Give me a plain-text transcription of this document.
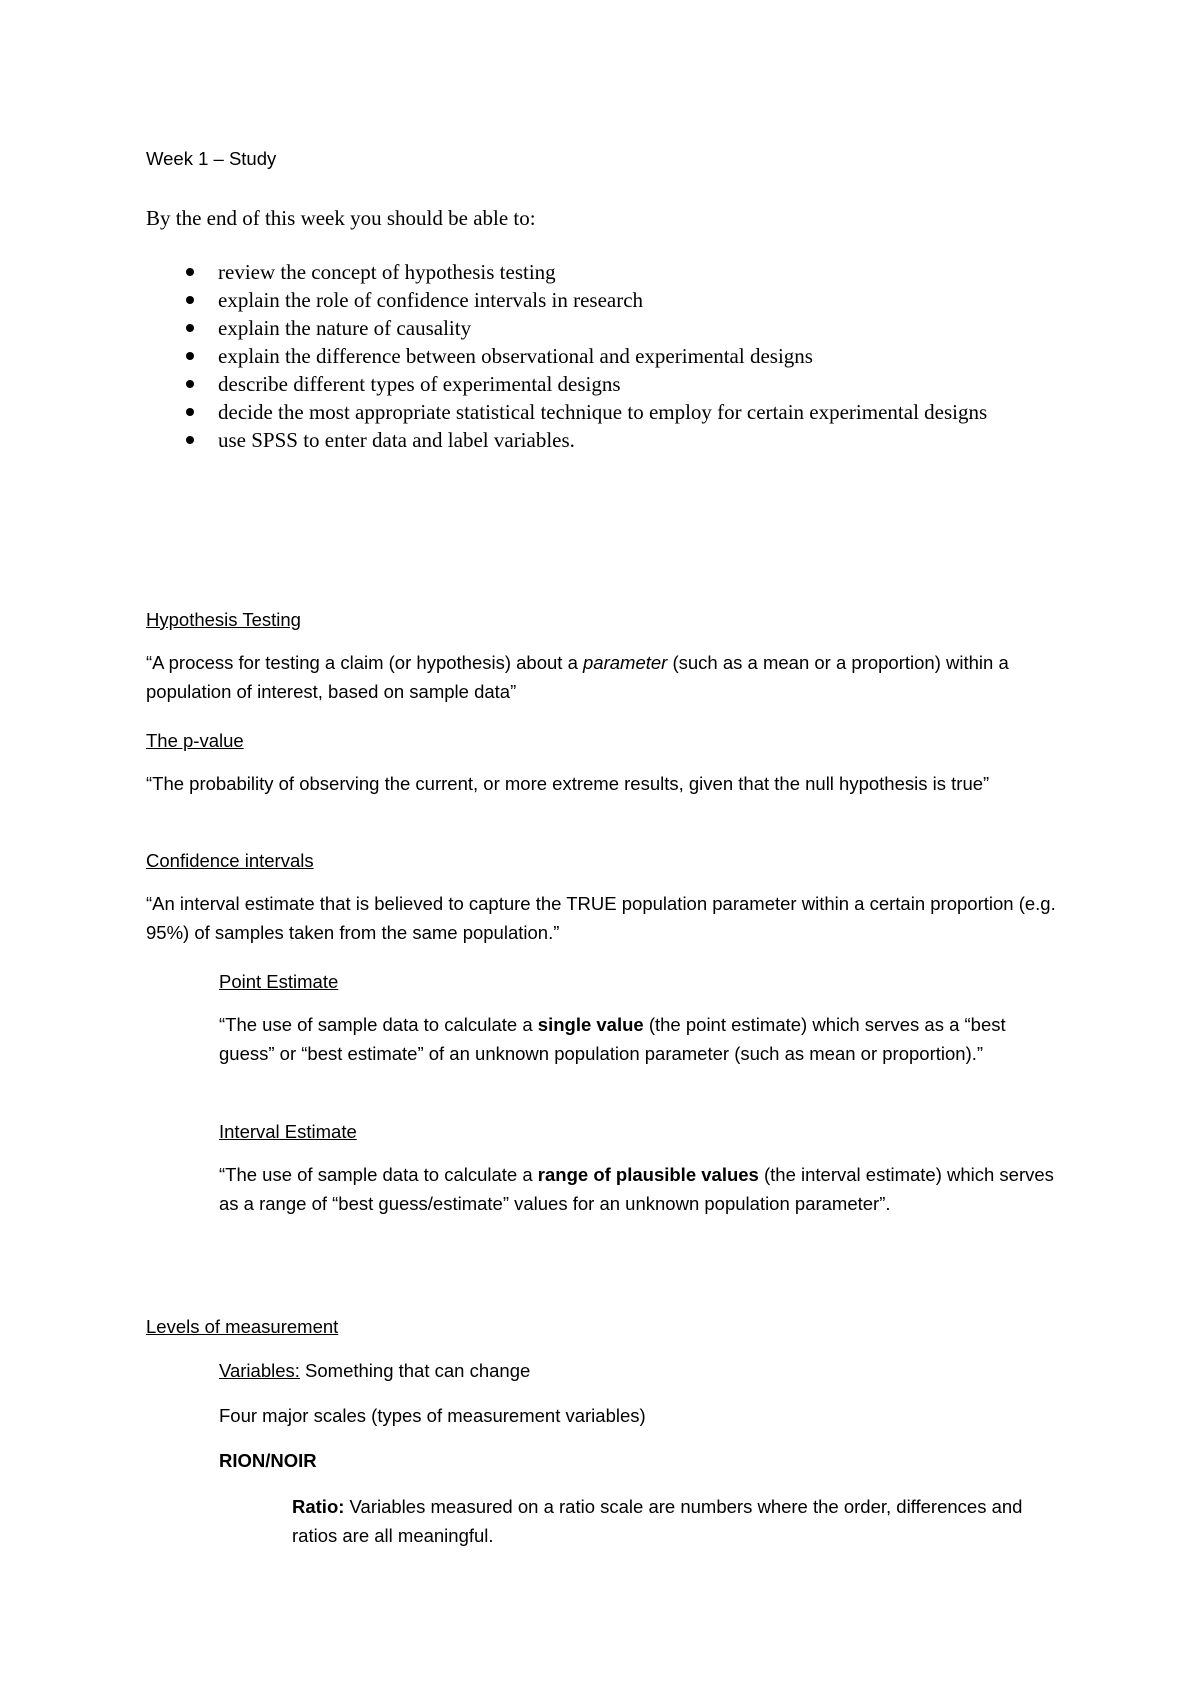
Week 1 – Study
By the end of this week you should be able to:
review the concept of hypothesis testing
explain the role of confidence intervals in research
explain the nature of causality
explain the difference between observational and experimental designs
describe different types of experimental designs
decide the most appropriate statistical technique to employ for certain experimental designs
use SPSS to enter data and label variables.
Hypothesis Testing
“A process for testing a claim (or hypothesis) about a parameter (such as a mean or a proportion) within a population of interest, based on sample data”
The p-value
“The probability of observing the current, or more extreme results, given that the null hypothesis is true”
Confidence intervals
“An interval estimate that is believed to capture the TRUE population parameter within a certain proportion (e.g. 95%) of samples taken from the same population.”
Point Estimate
“The use of sample data to calculate a single value (the point estimate) which serves as a “best guess” or “best estimate” of an unknown population parameter (such as mean or proportion).”
Interval Estimate
“The use of sample data to calculate a range of plausible values (the interval estimate) which serves as a range of “best guess/estimate” values for an unknown population parameter”.
Levels of measurement
Variables: Something that can change
Four major scales (types of measurement variables)
RION/NOIR
Ratio: Variables measured on a ratio scale are numbers where the order, differences and ratios are all meaningful.
